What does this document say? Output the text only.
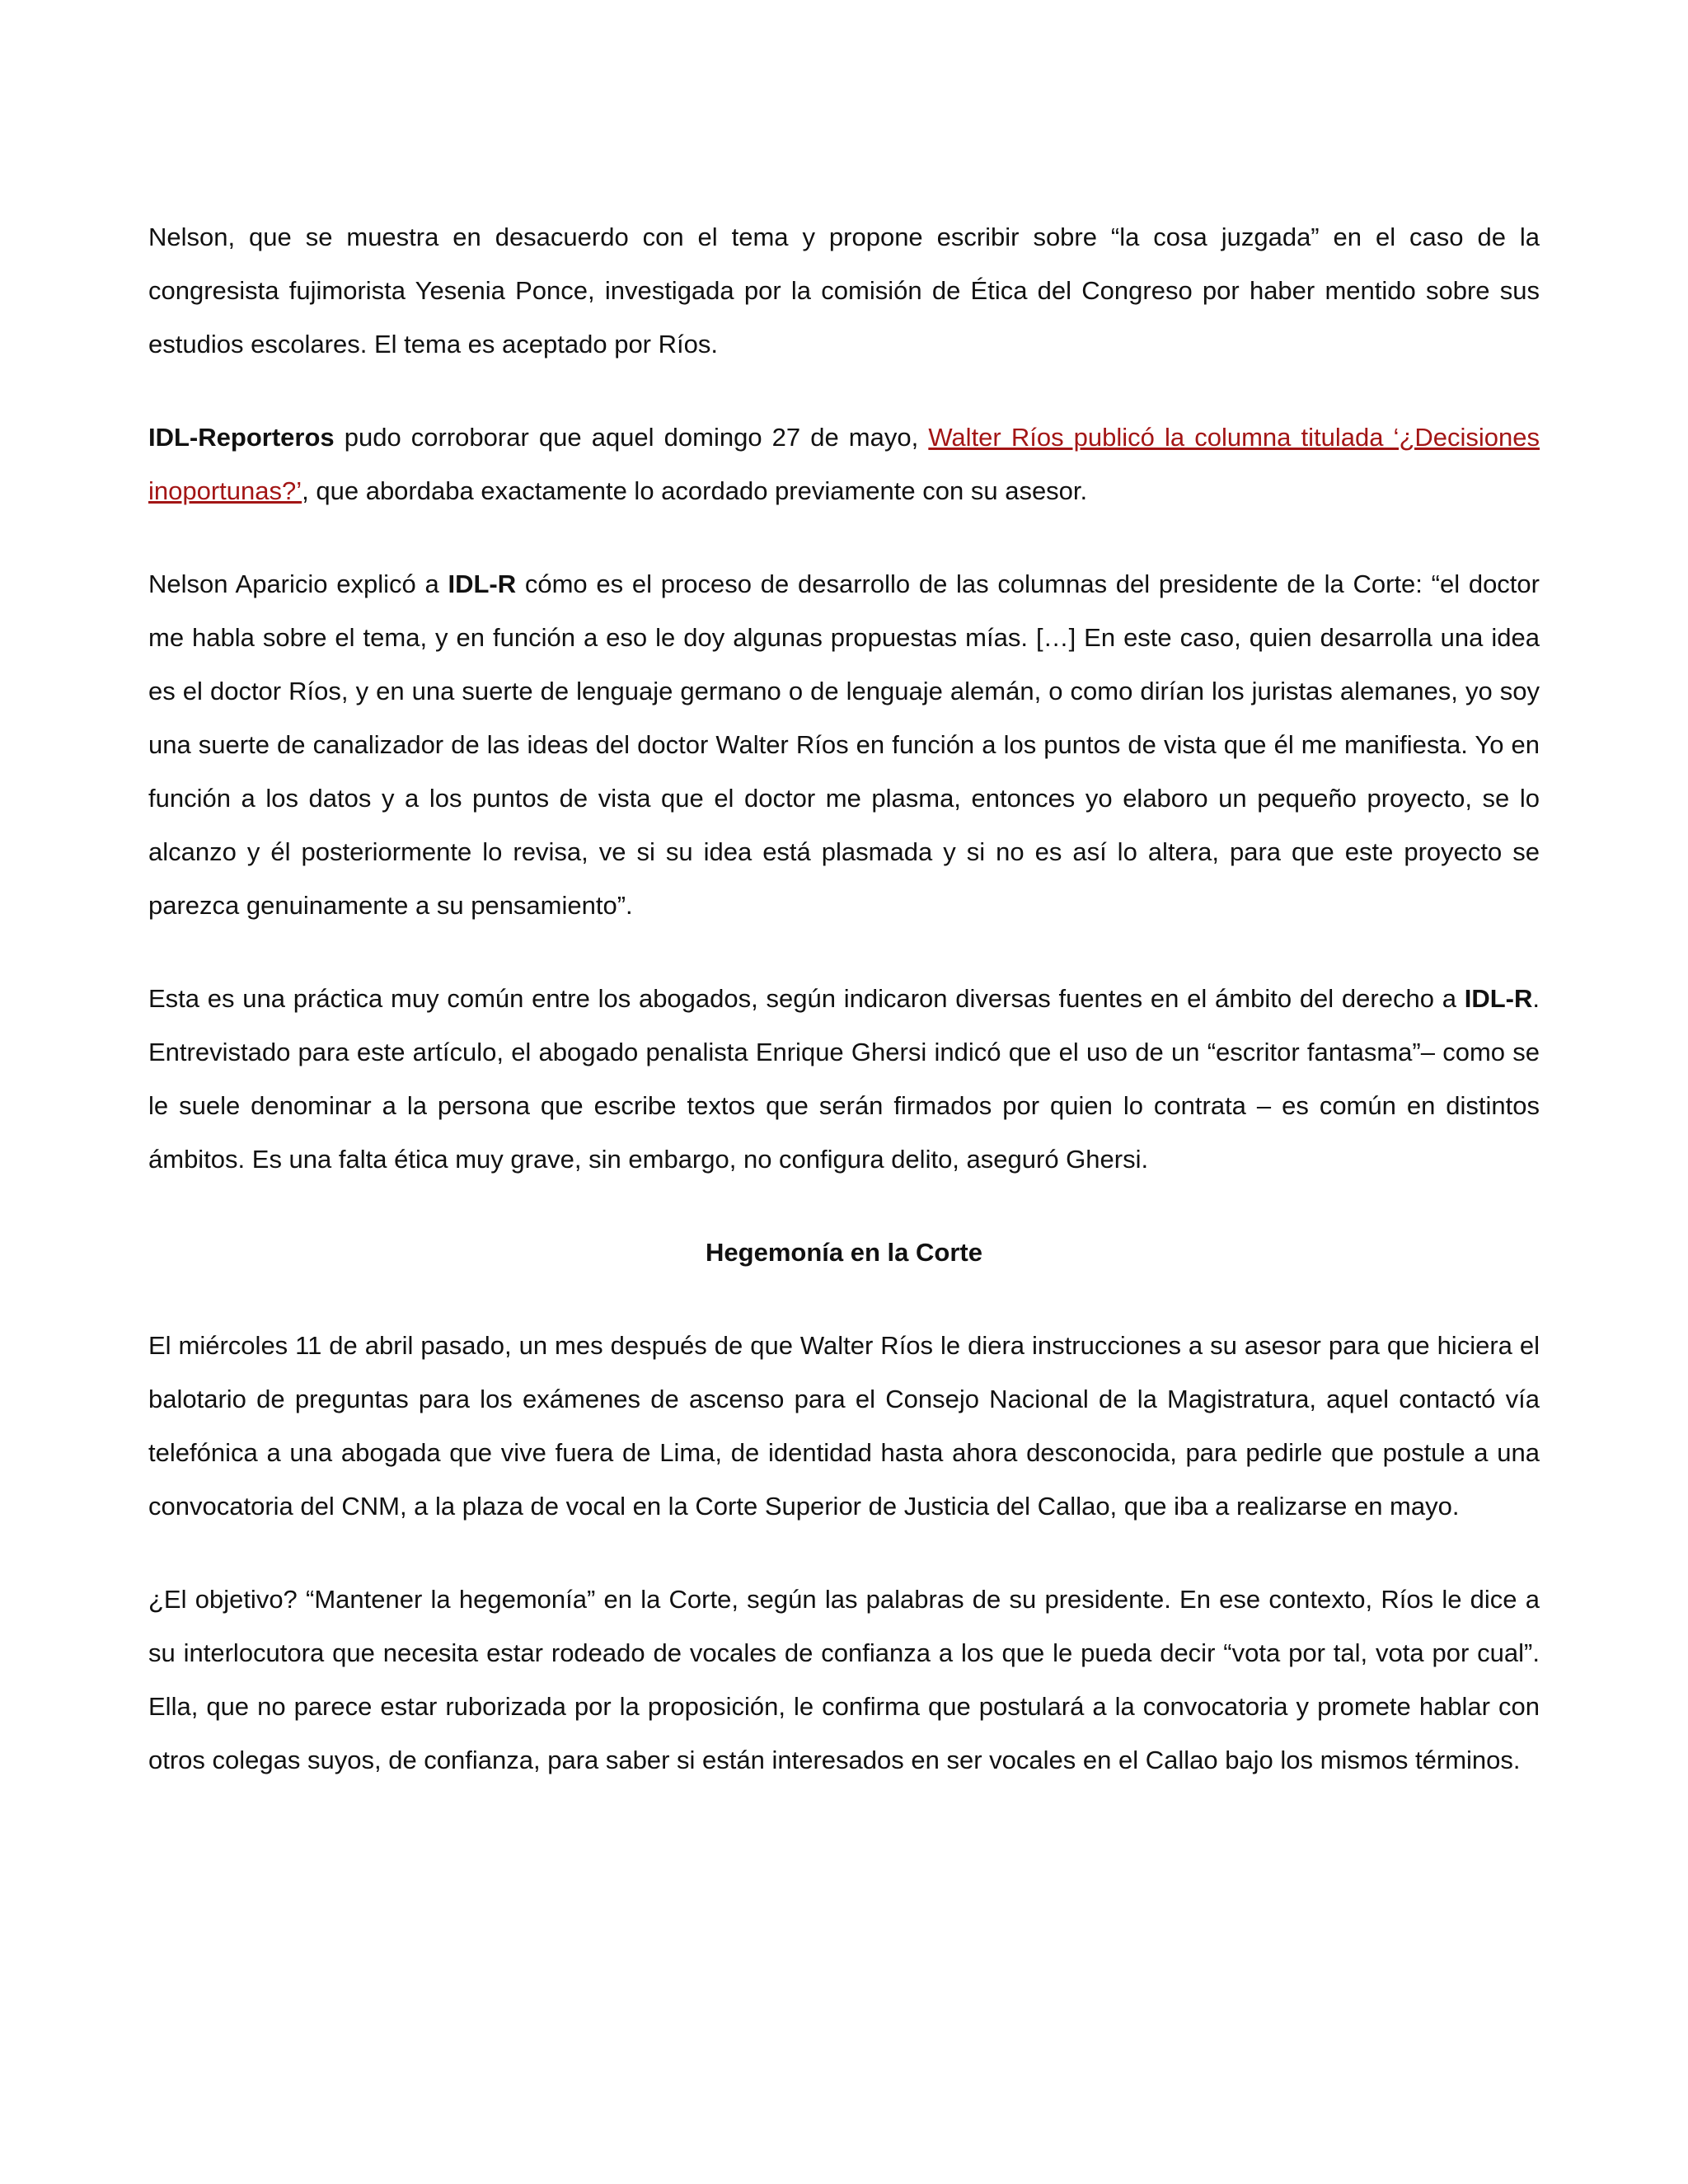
Nelson, que se muestra en desacuerdo con el tema y propone escribir sobre “la cosa juzgada” en el caso de la congresista fujimorista Yesenia Ponce, investigada por la comisión de Ética del Congreso por haber mentido sobre sus estudios escolares. El tema es aceptado por Ríos.

IDL-Reporteros pudo corroborar que aquel domingo 27 de mayo, Walter Ríos publicó la columna titulada ‘¿Decisiones inoportunas?’, que abordaba exactamente lo acordado previamente con su asesor.

Nelson Aparicio explicó a IDL-R cómo es el proceso de desarrollo de las columnas del presidente de la Corte: “el doctor me habla sobre el tema, y en función a eso le doy algunas propuestas mías. […] En este caso, quien desarrolla una idea es el doctor Ríos, y en una suerte de lenguaje germano o de lenguaje alemán, o como dirían los juristas alemanes, yo soy una suerte de canalizador de las ideas del doctor Walter Ríos en función a los puntos de vista que él me manifiesta. Yo en función a los datos y a los puntos de vista que el doctor me plasma, entonces yo elaboro un pequeño proyecto, se lo alcanzo y él posteriormente lo revisa, ve si su idea está plasmada y si no es así lo altera, para que este proyecto se parezca genuinamente a su pensamiento”.

Esta es una práctica muy común entre los abogados, según indicaron diversas fuentes en el ámbito del derecho a IDL-R. Entrevistado para este artículo, el abogado penalista Enrique Ghersi indicó que el uso de un “escritor fantasma”– como se le suele denominar a la persona que escribe textos que serán firmados por quien lo contrata – es común en distintos ámbitos. Es una falta ética muy grave, sin embargo, no configura delito, aseguró Ghersi.

Hegemonía en la Corte

El miércoles 11 de abril pasado, un mes después de que Walter Ríos le diera instrucciones a su asesor para que hiciera el balotario de preguntas para los exámenes de ascenso para el Consejo Nacional de la Magistratura, aquel contactó vía telefónica a una abogada que vive fuera de Lima, de identidad hasta ahora desconocida, para pedirle que postule a una convocatoria del CNM, a la plaza de vocal en la Corte Superior de Justicia del Callao, que iba a realizarse en mayo.

¿El objetivo? “Mantener la hegemonía” en la Corte, según las palabras de su presidente. En ese contexto, Ríos le dice a su interlocutora que necesita estar rodeado de vocales de confianza a los que le pueda decir “vota por tal, vota por cual”. Ella, que no parece estar ruborizada por la proposición, le confirma que postulará a la convocatoria y promete hablar con otros colegas suyos, de confianza, para saber si están interesados en ser vocales en el Callao bajo los mismos términos.
